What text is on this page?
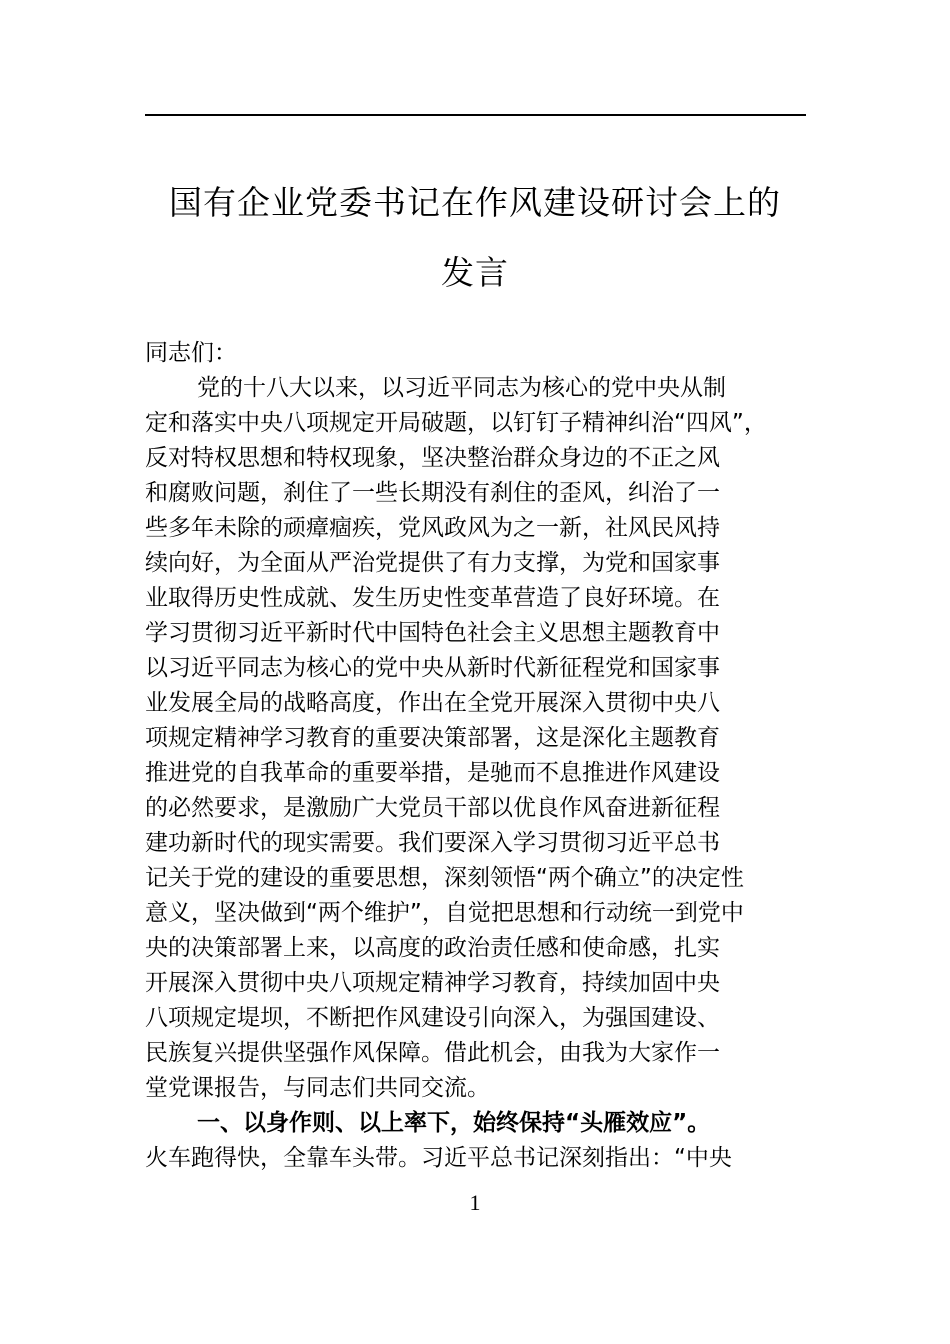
国有企业党委书记在作风建设研讨会上的
发言
同志们：
党的十八大以来，以习近平同志为核心的党中央从制
定和落实中央八项规定开局破题，以钉钉子精神纠治“四风”，
反对特权思想和特权现象，坚决整治群众身边的不正之风
和腐败问题，刹住了一些长期没有刹住的歪风，纠治了一
些多年未除的顽瘴痼疾，党风政风为之一新，社风民风持
续向好，为全面从严治党提供了有力支撑，为党和国家事
业取得历史性成就、发生历史性变革营造了良好环境。在
学习贯彻习近平新时代中国特色社会主义思想主题教育中
以习近平同志为核心的党中央从新时代新征程党和国家事
业发展全局的战略高度，作出在全党开展深入贯彻中央八
项规定精神学习教育的重要决策部署，这是深化主题教育
推进党的自我革命的重要举措，是驰而不息推进作风建设
的必然要求，是激励广大党员干部以优良作风奋进新征程
建功新时代的现实需要。我们要深入学习贯彻习近平总书
记关于党的建设的重要思想，深刻领悟“两个确立”的决定性
意义，坚决做到“两个维护”，自觉把思想和行动统一到党中
央的决策部署上来，以高度的政治责任感和使命感，扎实
开展深入贯彻中央八项规定精神学习教育，持续加固中央
八项规定堤坝，不断把作风建设引向深入，为强国建设、
民族复兴提供坚强作风保障。借此机会，由我为大家作一
堂党课报告，与同志们共同交流。
一、以身作则、以上率下，始终保持“头雁效应”。
火车跑得快，全靠车头带。习近平总书记深刻指出：“中央
1
